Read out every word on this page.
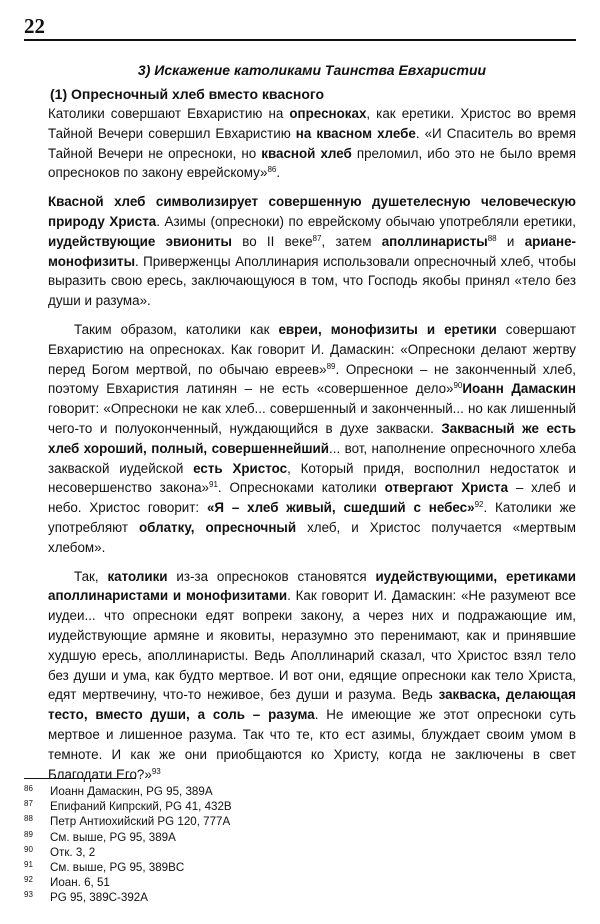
22
3) Искажение католиками Таинства Евхаристии
(1) Опресночный хлеб вместо квасного

Католики совершают Евхаристию на опресноках, как еретики. Христос во время Тайной Вечери совершил Евхаристию на квасном хлебе. «И Спаситель во время Тайной Вечери не опресноки, но квасной хлеб преломил, ибо это не было время опресноков по закону еврейскому»$^{86}$.

Квасной хлеб символизирует совершенную душетелесную человеческую природу Христа. Азимы (опресноки) по еврейскому обычаю употребляли еретики, иудействующие эвиониты во II веке$^{87}$, затем аполлинаристы$^{88}$ и ариане-монофизиты. Приверженцы Аполлинария использовали опресночный хлеб, чтобы выразить свою ересь, заключающуюся в том, что Господь якобы принял «тело без души и разума».

Таким образом, католики как евреи, монофизиты и еретики совершают Евхаристию на опресноках. Как говорит И. Дамаскин: «Опресноки делают жертву перед Богом мертвой, по обычаю евреев»$^{89}$. Опресноки – не законченный хлеб, поэтому Евхаристия латинян – не есть «совершенное дело»$^{90}$Иоанн Дамаскин говорит: «Опресноки не как хлеб... совершенный и законченный... но как лишенный чего-то и полуоконченный, нуждающийся в духе закваски. Заквасный же есть хлеб хороший, полный, совершеннейший... вот, наполнение опресночного хлеба закваской иудейской есть Христос, Который придя, восполнил недостаток и несовершенство закона»$^{91}$. Опресноками католики отвергают Христа – хлеб и небо. Христос говорит: «Я – хлеб живый, сшедший с небес»$^{92}$. Католики же употребляют облатку, опресночный хлеб, и Христос получается «мертвым хлебом».

Так, католики из-за опресноков становятся иудействующими, еретиками аполлинаристами и монофизитами. Как говорит И. Дамаскин: «Не разумеют все иудеи... что опресноки едят вопреки закону, а через них и подражающие им, иудействующие армяне и яковиты, неразумно это перенимают, как и принявшие худшую ересь, аполлинаристы. Ведь Аполлинарий сказал, что Христос взял тело без души и ума, как будто мертвое. И вот они, едящие опресноки как тело Христа, едят мертвечину, что-то неживое, без души и разума. Ведь закваска, делающая тесто, вместо души, а соль – разума. Не имеющие же этот опресноки суть мертвое и лишенное разума. Так что те, кто ест азимы, блуждает своим умом в темноте. И как же они приобщаются ко Христу, когда не заключены в свет Благодати Его?»$^{93}$

86 Иоанн Дамаскин, PG 95, 389A
87 Епифаний Кипрский, PG 41, 432B
88 Петр Антиохийский PG 120, 777A
89 См. выше, PG 95, 389A
90 Отк. 3, 2
91 См. выше, PG 95, 389BC
92 Иоан. 6, 51
93 PG 95, 389C-392A
